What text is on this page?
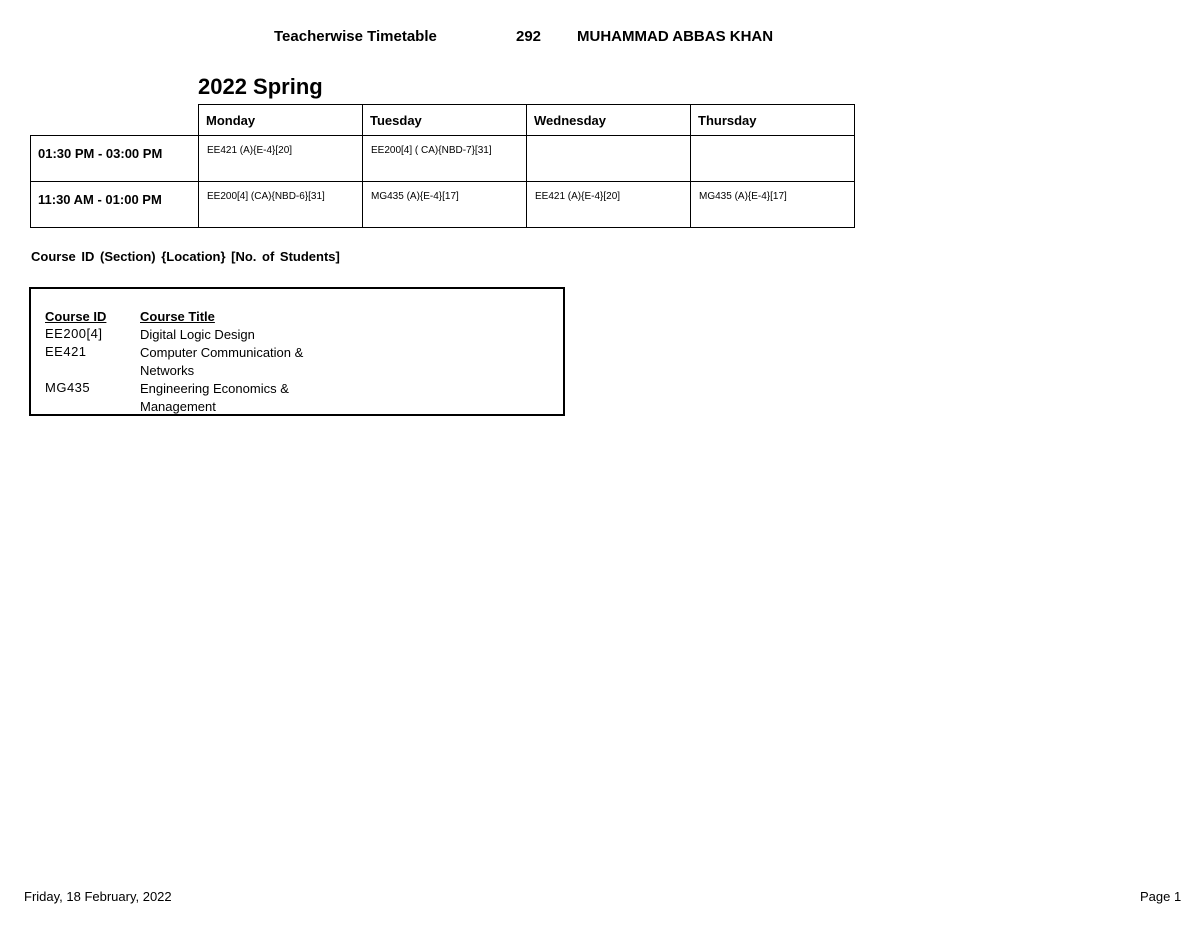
Teacherwise Timetable	292 MUHAMMAD ABBAS KHAN
2022 Spring
	Monday	Tuesday	Wednesday	Thursday
01:30 PM - 03:00 PM	EE421 (A){E-4}[20]	EE200[4] ( CA){NBD-7}[31]		
11:30 AM - 01:00 PM	EE200[4] (CA){NBD-6}[31]	MG435 (A){E-4}[17]	EE421 (A){E-4}[20]	MG435 (A){E-4}[17]
Course ID (Section) {Location} [No. of Students]
Course ID	Course Title
EE200[4]	Digital Logic Design
EE421	Computer Communication & Networks
MG435	Engineering Economics & Management
Friday, 18 February, 2022	Page 1
